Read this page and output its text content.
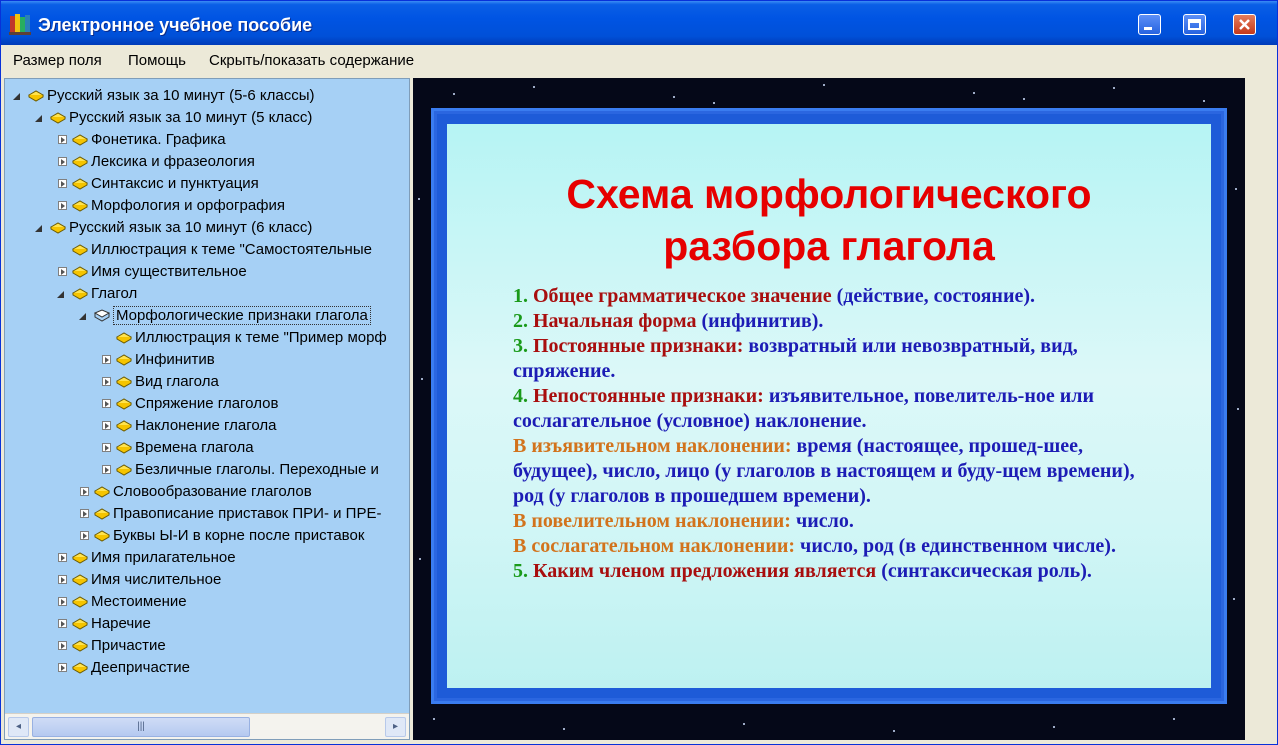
Электронное учебное пособие
Размер поля Помощь Скрыть/показать содержание
Русский язык за 10 минут (5-6 классы)
Русский язык за 10 минут (5 класс)
Фонетика. Графика
Лексика и фразеология
Синтаксис и пунктуация
Морфология и орфография
Русский язык за 10 минут (6 класс)
Иллюстрация к теме "Самостоятельные
Имя существительное
Глагол
Морфологические признаки глагола
Иллюстрация к теме "Пример морф
Инфинитив
Вид глагола
Спряжение глаголов
Наклонение глагола
Времена глагола
Безличные глаголы. Переходные и
Словообразование глаголов
Правописание приставок ПРИ- и ПРЕ-
Буквы Ы-И в корне после приставок
Имя прилагательное
Имя числительное
Местоимение
Наречие
Причастие
Деепричастие
◂	|||	▸
Схема морфологического
разбора глагола

1. Общее грамматическое значение (действие, состояние).

2. Начальная форма (инфинитив).

3. Постоянные признаки: возвратный или невозвратный, вид, спряжение.

4. Непостоянные признаки: изъявительное, повелитель-ное или сослагательное (условное) наклонение.

В изъявительном наклонении: время (настоящее, прошед-шее, будущее), число, лицо (у глаголов в настоящем и буду-щем времени), род (у глаголов в прошедшем времени).

В повелительном наклонении: число.

В сослагательном наклонении: число, род (в единственном числе).

5. Каким членом предложения является (синтаксическая роль).
